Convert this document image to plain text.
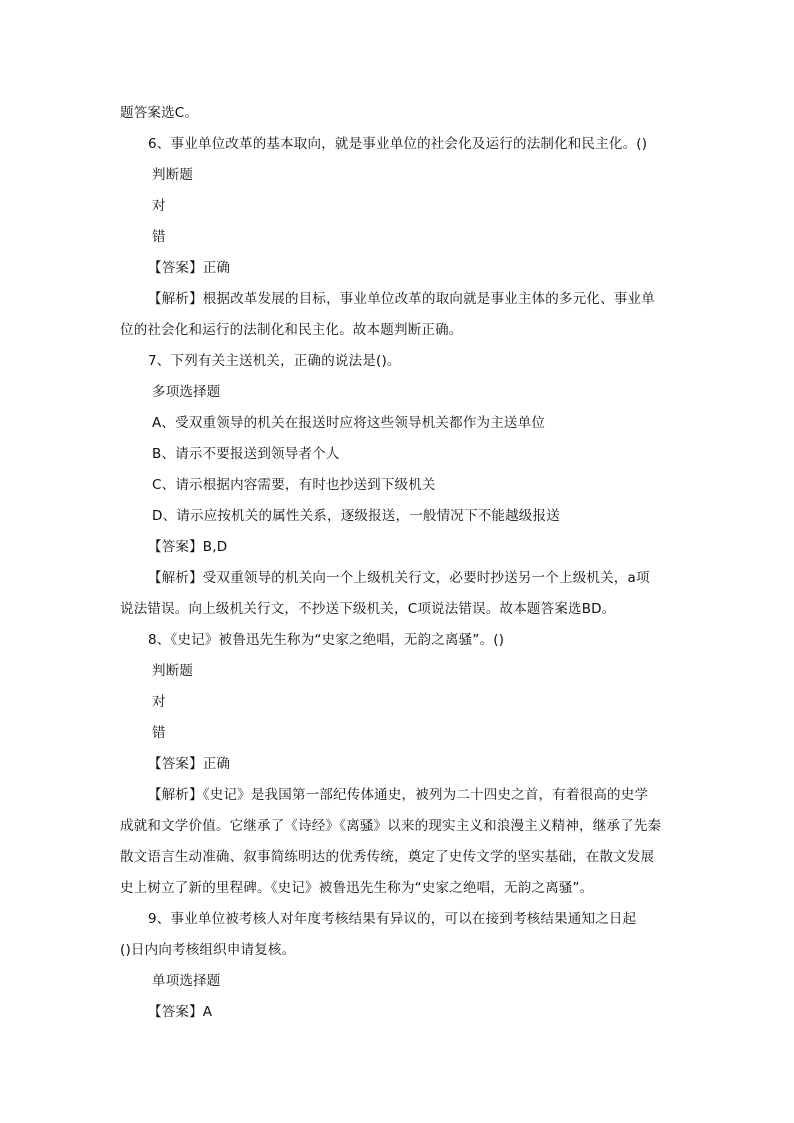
题答案选C。
6、事业单位改革的基本取向，就是事业单位的社会化及运行的法制化和民主化。()
判断题
对
错
【答案】正确
【解析】根据改革发展的目标，事业单位改革的取向就是事业主体的多元化、事业单
位的社会化和运行的法制化和民主化。故本题判断正确。
7、下列有关主送机关，正确的说法是()。
多项选择题
A、受双重领导的机关在报送时应将这些领导机关都作为主送单位
B、请示不要报送到领导者个人
C、请示根据内容需要，有时也抄送到下级机关
D、请示应按机关的属性关系，逐级报送，一般情况下不能越级报送
【答案】B,D
【解析】受双重领导的机关向一个上级机关行文，必要时抄送另一个上级机关，a项
说法错误。向上级机关行文，不抄送下级机关，C项说法错误。故本题答案选BD。
8、《史记》被鲁迅先生称为“史家之绝唱，无韵之离骚”。()
判断题
对
错
【答案】正确
【解析】《史记》是我国第一部纪传体通史，被列为二十四史之首，有着很高的史学
成就和文学价值。它继承了《诗经》《离骚》以来的现实主义和浪漫主义精神，继承了先秦
散文语言生动准确、叙事简练明达的优秀传统，奠定了史传文学的坚实基础，在散文发展
史上树立了新的里程碑。《史记》被鲁迅先生称为“史家之绝唱，无韵之离骚”。
9、事业单位被考核人对年度考核结果有异议的，可以在接到考核结果通知之日起
()日内向考核组织申请复核。
单项选择题
【答案】A
